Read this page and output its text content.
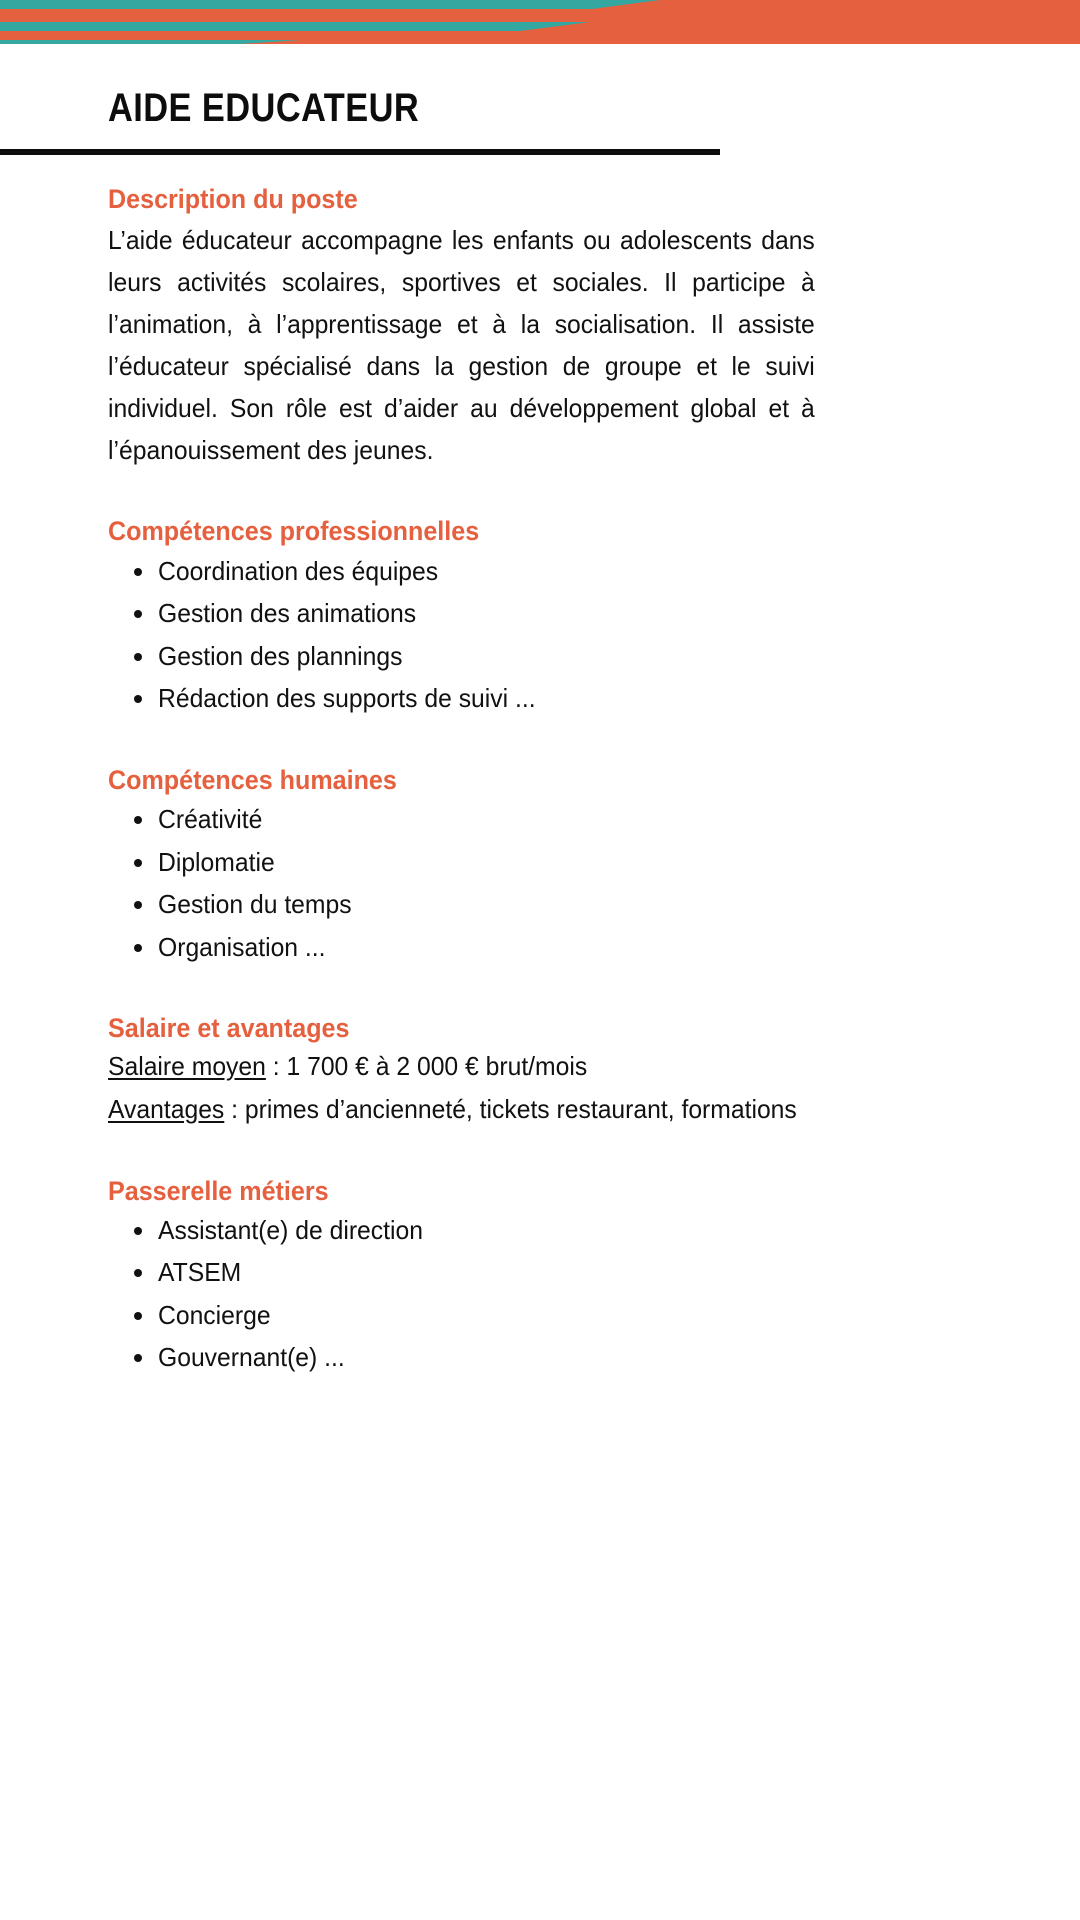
AIDE EDUCATEUR
Description du poste
L’aide éducateur accompagne les enfants ou adolescents dans leurs activités scolaires, sportives et sociales. Il participe à l’animation, à l’apprentissage et à la socialisation. Il assiste l’éducateur spécialisé dans la gestion de groupe et le suivi individuel. Son rôle est d’aider au développement global et à l’épanouissement des jeunes.
Compétences professionnelles
Coordination des équipes
Gestion des animations
Gestion des plannings
Rédaction des supports de suivi ...
Compétences humaines
Créativité
Diplomatie
Gestion du temps
Organisation ...
Salaire et avantages
Salaire moyen : 1 700 € à 2 000 € brut/mois
Avantages : primes d’ancienneté, tickets restaurant, formations
Passerelle métiers
Assistant(e) de direction
ATSEM
Concierge
Gouvernant(e) ...
